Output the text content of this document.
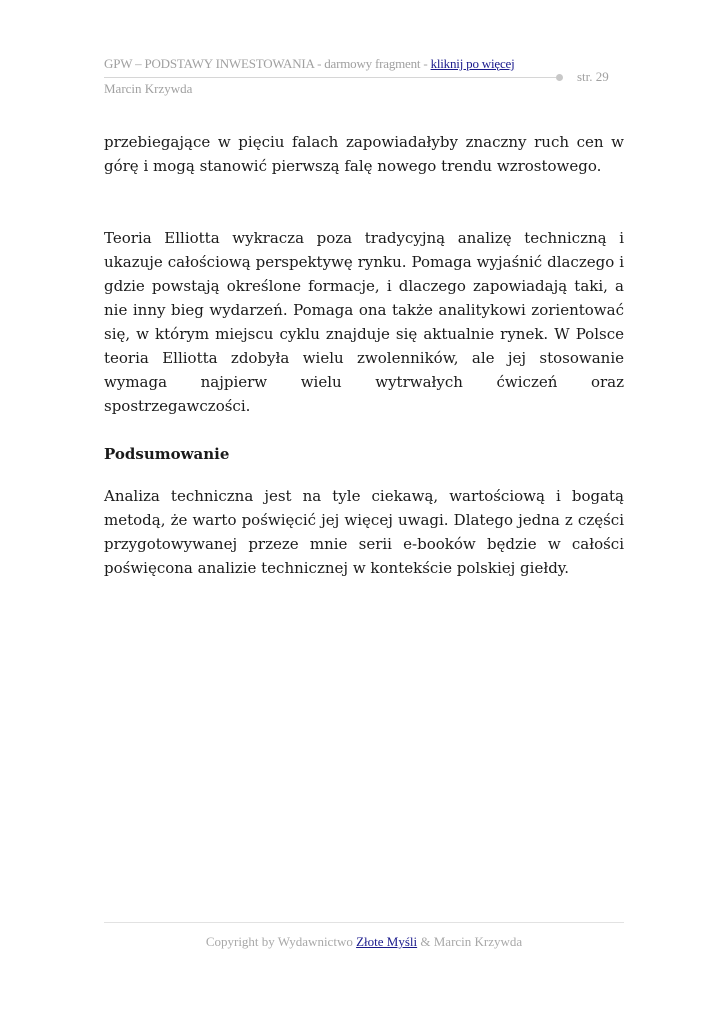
GPW – PODSTAWY INWESTOWANIA - darmowy fragment - kliknij po więcej
Marcin Krzywda
str. 29

przebiegające w pięciu falach zapowiadałyby znaczny ruch cen w górę i mogą stanowić pierwszą falę nowego trendu wzrostowego.

Teoria Elliotta wykracza poza tradycyjną analizę techniczną i ukazuje całościową perspektywę rynku. Pomaga wyjaśnić dlaczego i gdzie powstają określone formacje, i dlaczego zapowiadają taki, a nie inny bieg wydarzeń. Pomaga ona także analitykowi zorientować się, w którym miejscu cyklu znajduje się aktualnie rynek. W Polsce teoria Elliotta zdobyła wielu zwolenników, ale jej stosowanie wymaga najpierw wielu wytrwałych ćwiczeń oraz spostrzegawczości.

Podsumowanie

Analiza techniczna jest na tyle ciekawą, wartościową i bogatą metodą, że warto poświęcić jej więcej uwagi. Dlatego jedna z części przygotowywanej przeze mnie serii e-booków będzie w całości poświęcona analizie technicznej w kontekście polskiej giełdy.

Copyright by Wydawnictwo Złote Myśli & Marcin Krzywda
